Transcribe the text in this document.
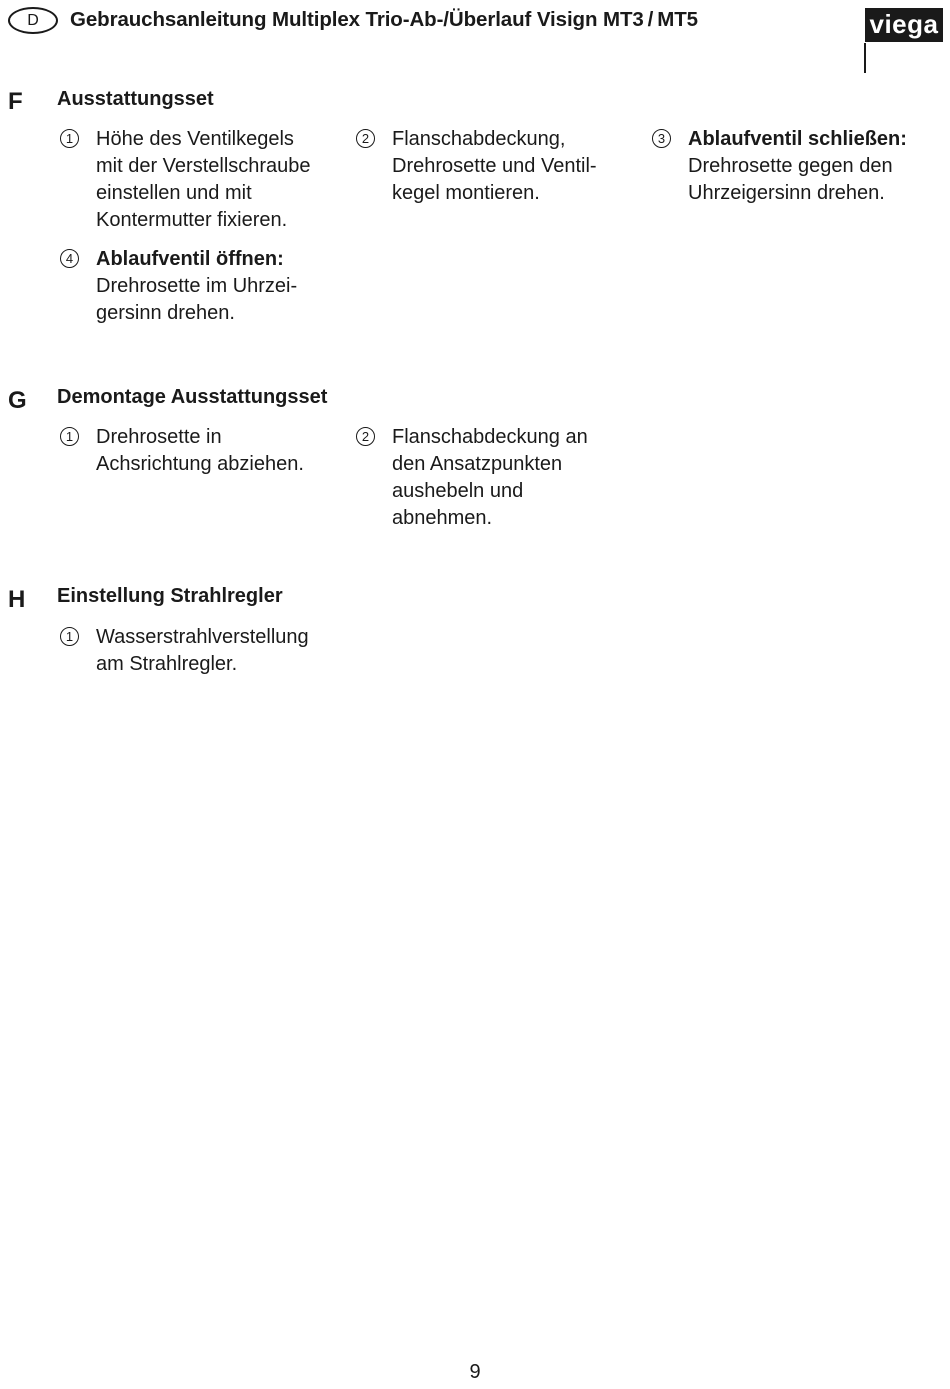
D	Gebrauchsanleitung Multiplex Trio-Ab-/Überlauf Visign MT3 / MT5	viega
F Ausstattungsset
1 Höhe des Ventilkegels
mit der Verstellschraube
einstellen und mit
Kontermutter fixieren.
2 Flanschabdeckung,
Drehrosette und Ventil-
kegel montieren.
3 Ablaufventil schließen:
Drehrosette gegen den
Uhrzeigersinn drehen.
4 Ablaufventil öffnen:
Drehrosette im Uhrzei-
gersinn drehen.
G Demontage Ausstattungsset
1 Drehrosette in
Achsrichtung abziehen.
2 Flanschabdeckung an
den Ansatzpunkten
aushebeln und
abnehmen.
H Einstellung Strahlregler
1 Wasserstrahlverstellung
am Strahlregler.
9
